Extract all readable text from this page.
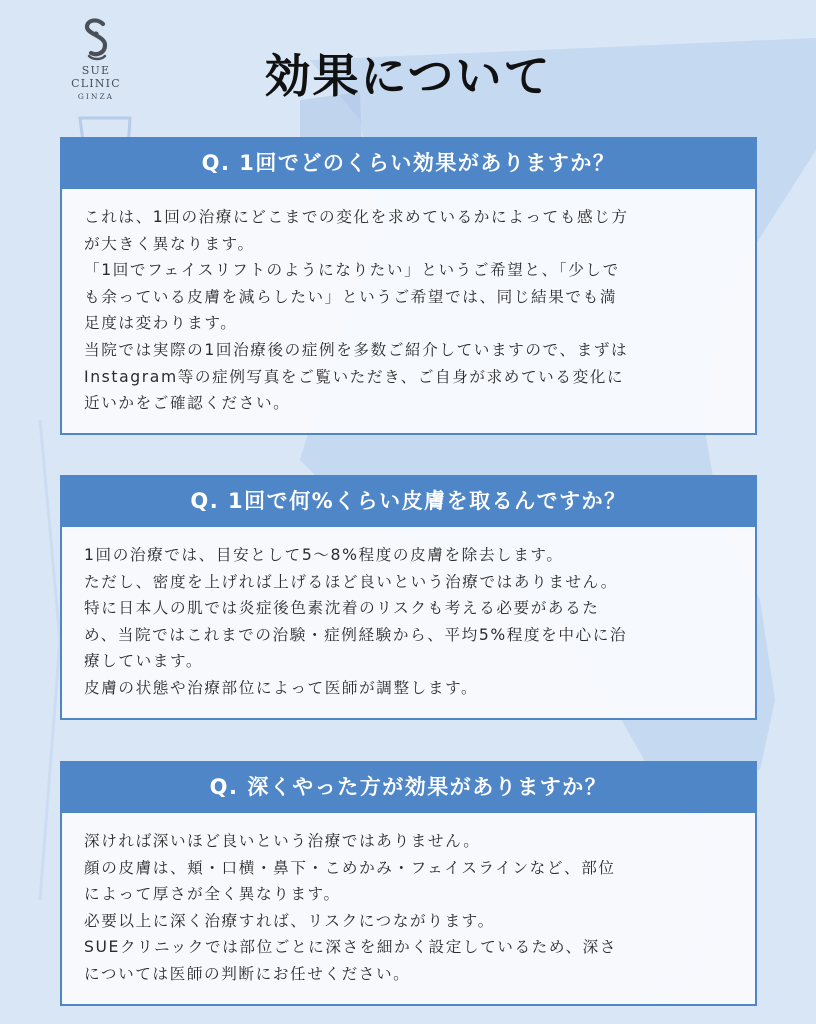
SUE CLINIC
GINZA	効果について
Q. 1回でどのくらい効果がありますか？

これは、1回の治療にどこまでの変化を求めているかによっても感じ方

が大きく異なります。

「1回でフェイスリフトのようになりたい」というご希望と、「少しで

も余っている皮膚を減らしたい」というご希望では、同じ結果でも満

足度は変わります。

当院では実際の1回治療後の症例を多数ご紹介していますので、まずは

Instagram等の症例写真をご覧いただき、ご自身が求めている変化に

近いかをご確認ください。

Q. 1回で何%くらい皮膚を取るんですか？

1回の治療では、目安として5～8%程度の皮膚を除去します。

ただし、密度を上げれば上げるほど良いという治療ではありません。

特に日本人の肌では炎症後色素沈着のリスクも考える必要があるた

め、当院ではこれまでの治験・症例経験から、平均5%程度を中心に治

療しています。

皮膚の状態や治療部位によって医師が調整します。

Q. 深くやった方が効果がありますか？

深ければ深いほど良いという治療ではありません。

顔の皮膚は、頬・口横・鼻下・こめかみ・フェイスラインなど、部位

によって厚さが全く異なります。

必要以上に深く治療すれば、リスクにつながります。

SUEクリニックでは部位ごとに深さを細かく設定しているため、深さ

については医師の判断にお任せください。
